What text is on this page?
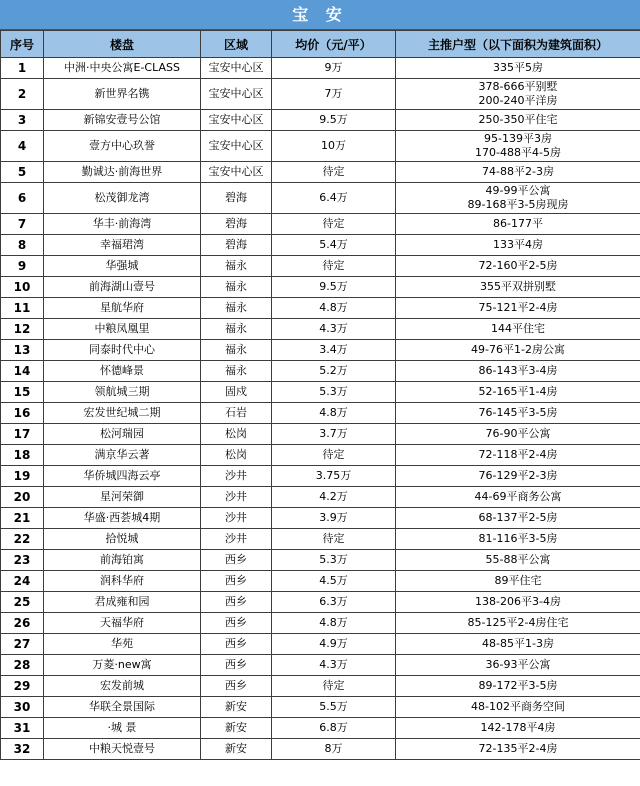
宝 安
序号	楼盘	区域	均价（元/平）	主推户型（以下面积为建筑面积）
1	中洲·中央公寓E-CLASS	宝安中心区	9万	335平5房

2	新世界名镌	宝安中心区	7万	378-666平别墅
200-240平洋房

3	新锦安壹号公馆	宝安中心区	9.5万	250-350平住宅

4	壹方中心玖誉	宝安中心区	10万	95-139平3房
170-488平4-5房

5	勤诚达·前海世界	宝安中心区	待定	74-88平2-3房

6	松茂御龙湾	碧海	6.4万	49-99平公寓
89-168平3-5房现房

7	华丰·前海湾	碧海	待定	86-177平

8	幸福珺湾	碧海	5.4万	133平4房

9	华强城	福永	待定	72-160平2-5房

10	前海湖山壹号	福永	9.5万	355平双拼别墅

11	星航华府	福永	4.8万	75-121平2-4房

12	中粮凤凰里	福永	4.3万	144平住宅

13	同泰时代中心	福永	3.4万	49-76平1-2房公寓

14	怀德峰景	福永	5.2万	86-143平3-4房

15	领航城三期	固戍	5.3万	52-165平1-4房

16	宏发世纪城二期	石岩	4.8万	76-145平3-5房

17	松河瑞园	松岗	3.7万	76-90平公寓

18	满京华云著	松岗	待定	72-118平2-4房

19	华侨城四海云亭	沙井	3.75万	76-129平2-3房

20	星河荣御	沙井	4.2万	44-69平商务公寓

21	华盛·西荟城4期	沙井	3.9万	68-137平2-5房

22	拾悦城	沙井	待定	81-116平3-5房

23	前海铂寓	西乡	5.3万	55-88平公寓

24	润科华府	西乡	4.5万	89平住宅

25	君成雍和园	西乡	6.3万	138-206平3-4房

26	天福华府	西乡	4.8万	85-125平2-4房住宅

27	华苑	西乡	4.9万	48-85平1-3房

28	万菱·new寓	西乡	4.3万	36-93平公寓

29	宏发前城	西乡	待定	89-172平3-5房

30	华联全景国际	新安	5.5万	48-102平商务空间

31	·城 景	新安	6.8万	142-178平4房

32	中粮天悦壹号	新安	8万	72-135平2-4房
